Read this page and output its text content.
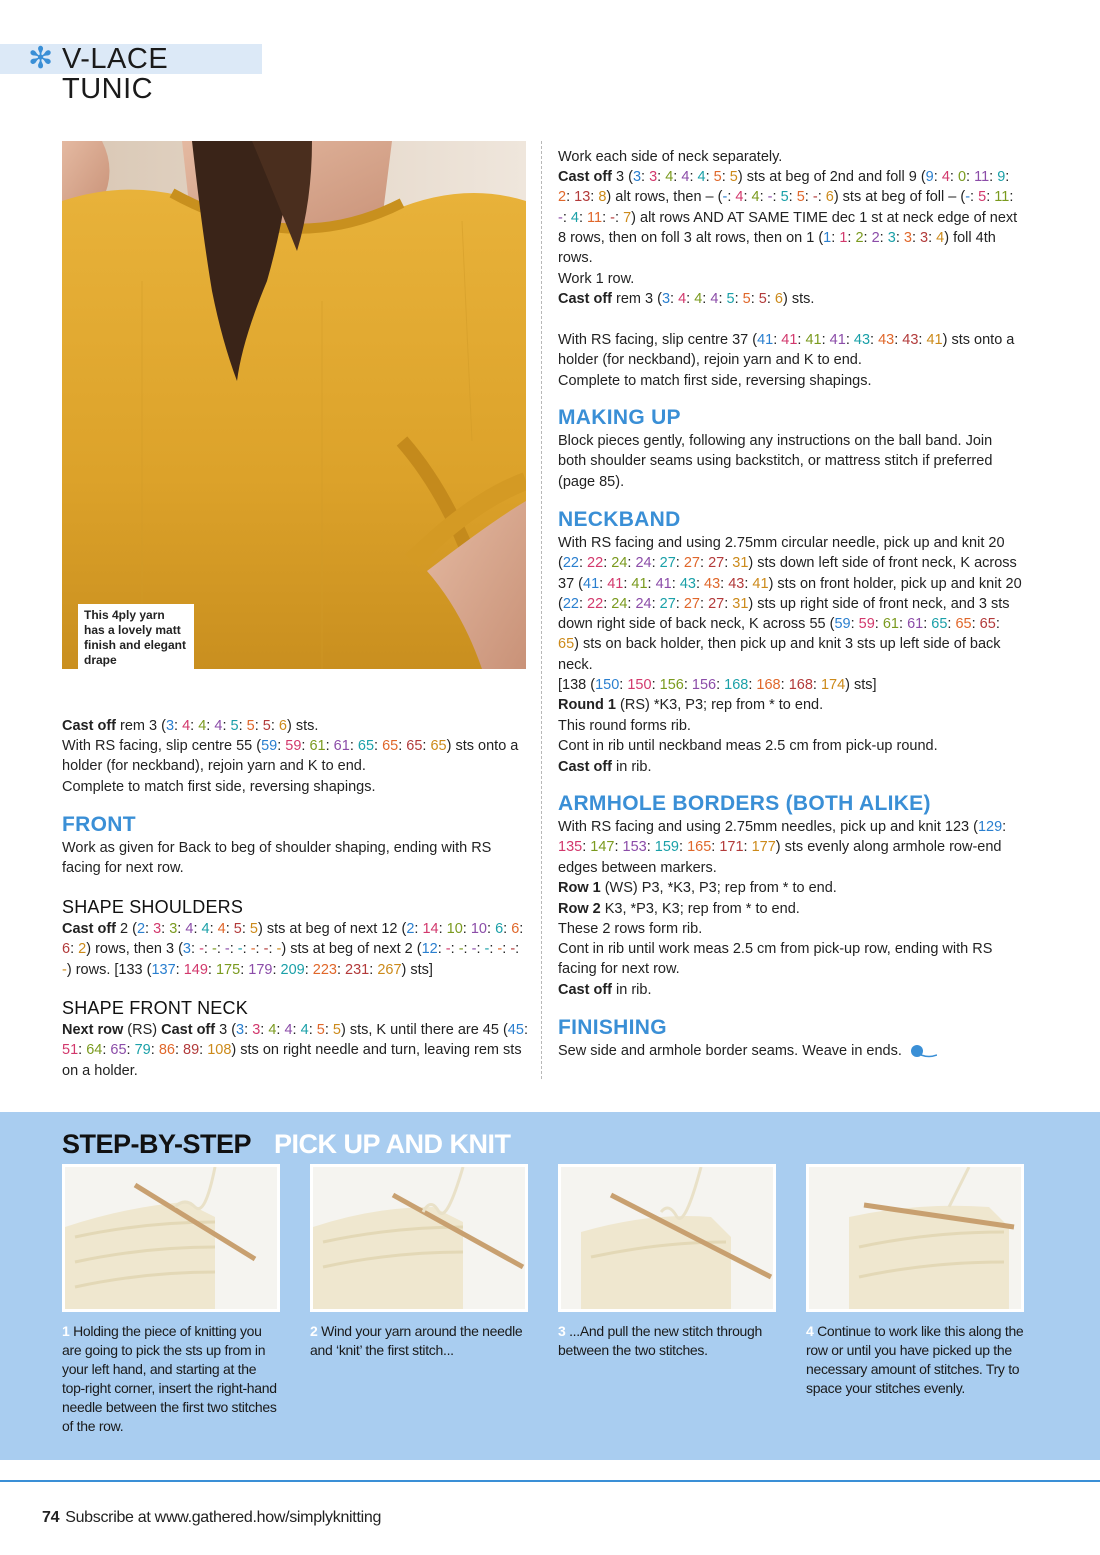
✻ V-LACE TUNIC
This 4ply yarn has a lovely matt finish and elegant drape
Cast off rem 3 (3: 4: 4: 4: 5: 5: 5: 6) sts.
With RS facing, slip centre 55 (59: 59: 61: 61: 65: 65: 65: 65) sts onto a holder (for neckband), rejoin yarn and K to end.
Complete to match first side, reversing shapings.
FRONT
Work as given for Back to beg of shoulder shaping, ending with RS facing for next row.
SHAPE SHOULDERS
Cast off 2 (2: 3: 3: 4: 4: 4: 5: 5) sts at beg of next 12 (2: 14: 10: 10: 6: 6: 6: 2) rows, then 3 (3: -: -: -: -: -: -: -) sts at beg of next 2 (12: -: -: -: -: -: -: -) rows. [133 (137: 149: 175: 179: 209: 223: 231: 267) sts]
SHAPE FRONT NECK
Next row (RS) Cast off 3 (3: 3: 4: 4: 4: 5: 5) sts, K until there are 45 (45: 51: 64: 65: 79: 86: 89: 108) sts on right needle and turn, leaving rem sts on a holder.
Work each side of neck separately.
Cast off 3 (3: 3: 4: 4: 4: 5: 5) sts at beg of 2nd and foll 9 (9: 4: 0: 11: 9: 2: 13: 8) alt rows, then – (-: 4: 4: -: 5: 5: -: 6) sts at beg of foll – (-: 5: 11: -: 4: 11: -: 7) alt rows AND AT SAME TIME dec 1 st at neck edge of next 8 rows, then on foll 3 alt rows, then on 1 (1: 1: 2: 2: 3: 3: 3: 4) foll 4th rows.
Work 1 row.
Cast off rem 3 (3: 4: 4: 4: 5: 5: 5: 6) sts.
With RS facing, slip centre 37 (41: 41: 41: 41: 43: 43: 43: 41) sts onto a holder (for neckband), rejoin yarn and K to end.
Complete to match first side, reversing shapings.
MAKING UP
Block pieces gently, following any instructions on the ball band. Join both shoulder seams using backstitch, or mattress stitch if preferred (page 85).
NECKBAND
With RS facing and using 2.75mm circular needle, pick up and knit 20 (22: 22: 24: 24: 27: 27: 27: 31) sts down left side of front neck, K across 37 (41: 41: 41: 41: 43: 43: 43: 41) sts on front holder, pick up and knit 20 (22: 22: 24: 24: 27: 27: 27: 31) sts up right side of front neck, and 3 sts down right side of back neck, K across 55 (59: 59: 61: 61: 65: 65: 65: 65) sts on back holder, then pick up and knit 3 sts up left side of back neck.
[138 (150: 150: 156: 156: 168: 168: 168: 174) sts]
Round 1 (RS) *K3, P3; rep from * to end.
This round forms rib.
Cont in rib until neckband meas 2.5 cm from pick-up round.
Cast off in rib.
ARMHOLE BORDERS (BOTH ALIKE)
With RS facing and using 2.75mm needles, pick up and knit 123 (129: 135: 147: 153: 159: 165: 171: 177) sts evenly along armhole row-end edges between markers.
Row 1 (WS) P3, *K3, P3; rep from * to end.
Row 2 K3, *P3, K3; rep from * to end.
These 2 rows form rib.
Cont in rib until work meas 2.5 cm from pick-up row, ending with RS facing for next row.
Cast off in rib.
FINISHING
Sew side and armhole border seams. Weave in ends.
STEP-BY-STEP PICK UP AND KNIT
1 Holding the piece of knitting you are going to pick the sts up from in your left hand, and starting at the top-right corner, insert the right-hand needle between the first two stitches of the row.
2 Wind your yarn around the needle and ‘knit’ the first stitch...
3 ...And pull the new stitch through between the two stitches.
4 Continue to work like this along the row or until you have picked up the necessary amount of stitches. Try to space your stitches evenly.
74 Subscribe at www.gathered.how/simplyknitting
